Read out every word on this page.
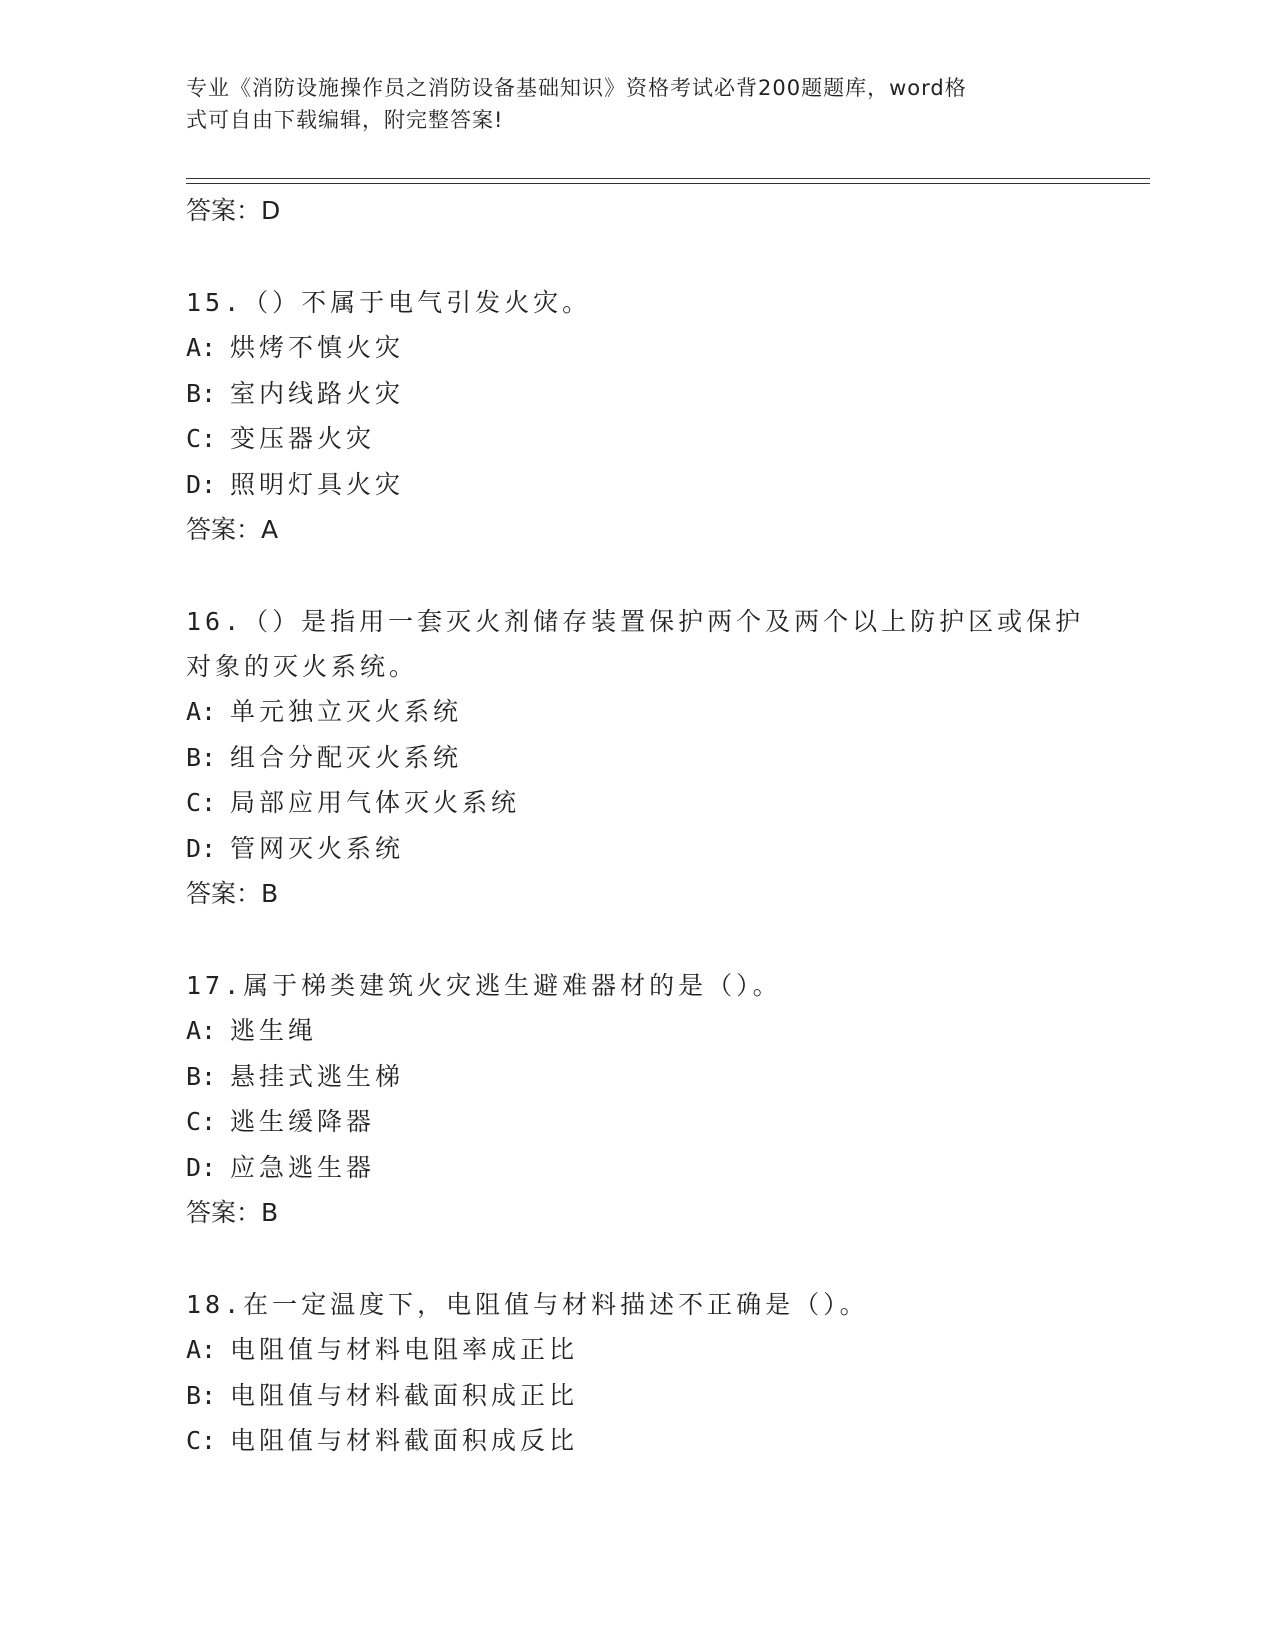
专业《消防设施操作员之消防设备基础知识》资格考试必背200题题库，word格
式可自由下载编辑，附完整答案!

答案：D

15.（）不属于电气引发火灾。

A: 烘烤不慎火灾

B: 室内线路火灾

C: 变压器火灾

D: 照明灯具火灾

答案：A

16.（）是指用一套灭火剂储存装置保护两个及两个以上防护区或保护

对象的灭火系统。

A: 单元独立灭火系统

B: 组合分配灭火系统

C: 局部应用气体灭火系统

D: 管网灭火系统

答案：B

17.属于梯类建筑火灾逃生避难器材的是（）。

A: 逃生绳

B: 悬挂式逃生梯

C: 逃生缓降器

D: 应急逃生器

答案：B

18.在一定温度下，电阻值与材料描述不正确是（）。

A: 电阻值与材料电阻率成正比

B: 电阻值与材料截面积成正比

C: 电阻值与材料截面积成反比
